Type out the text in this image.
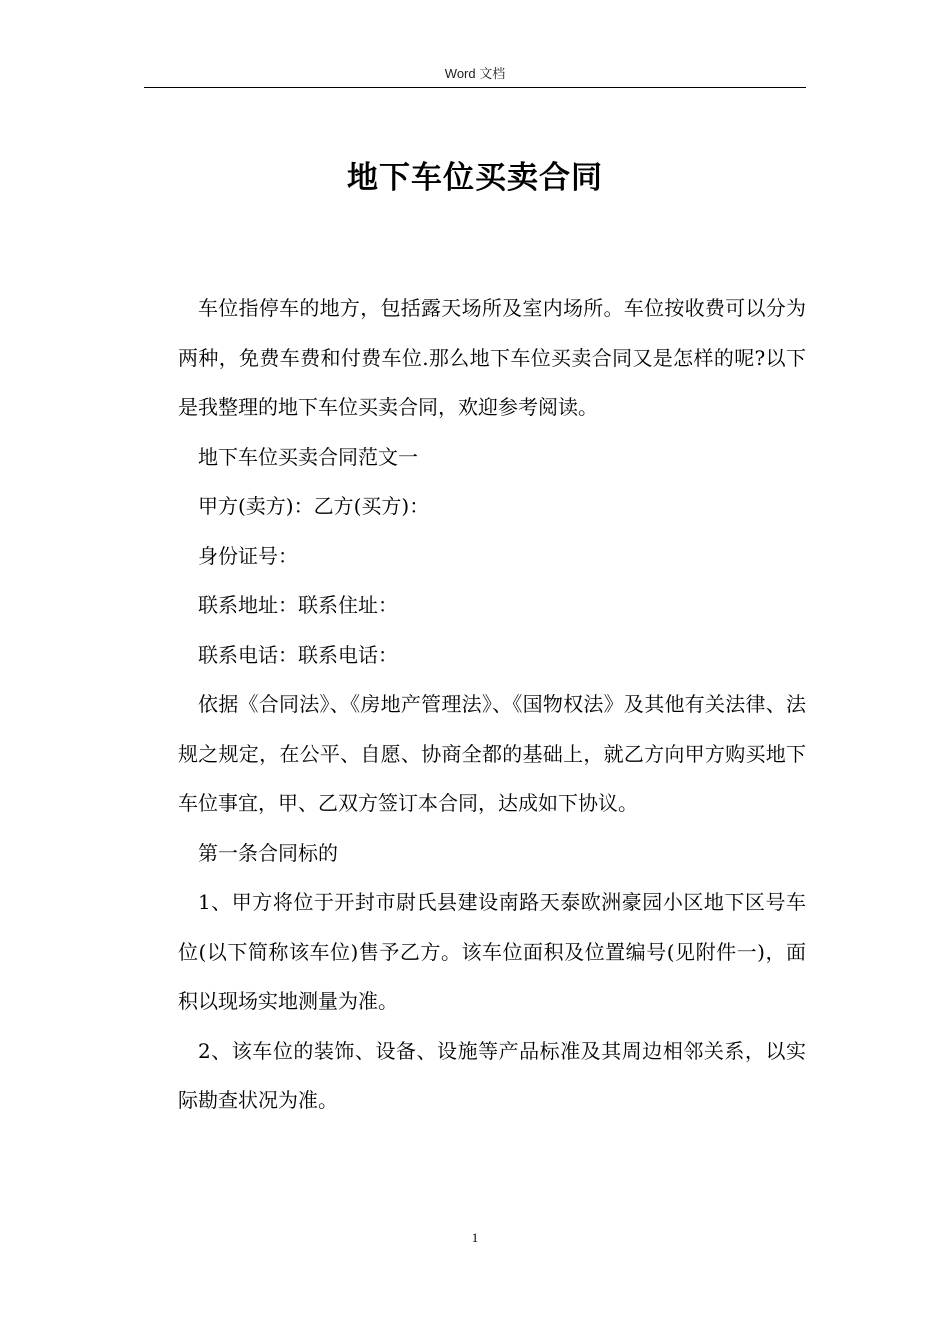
Word 文档
地下车位买卖合同

车位指停车的地方，包括露天场所及室内场所。车位按收费可以分为两种，免费车费和付费车位.那么地下车位买卖合同又是怎样的呢?以下是我整理的地下车位买卖合同，欢迎参考阅读。

地下车位买卖合同范文一

甲方(卖方)：乙方(买方)：

身份证号：

联系地址：联系住址：

联系电话：联系电话：

依据《合同法》、《房地产管理法》、《国物权法》及其他有关法律、法规之规定，在公平、自愿、协商全都的基础上，就乙方向甲方购买地下车位事宜，甲、乙双方签订本合同，达成如下协议。

第一条合同标的

1、甲方将位于开封市尉氏县建设南路天泰欧洲豪园小区地下区号车位(以下简称该车位)售予乙方。该车位面积及位置编号(见附件一)，面积以现场实地测量为准。

2、该车位的装饰、设备、设施等产品标准及其周边相邻关系，以实际勘查状况为准。

1
